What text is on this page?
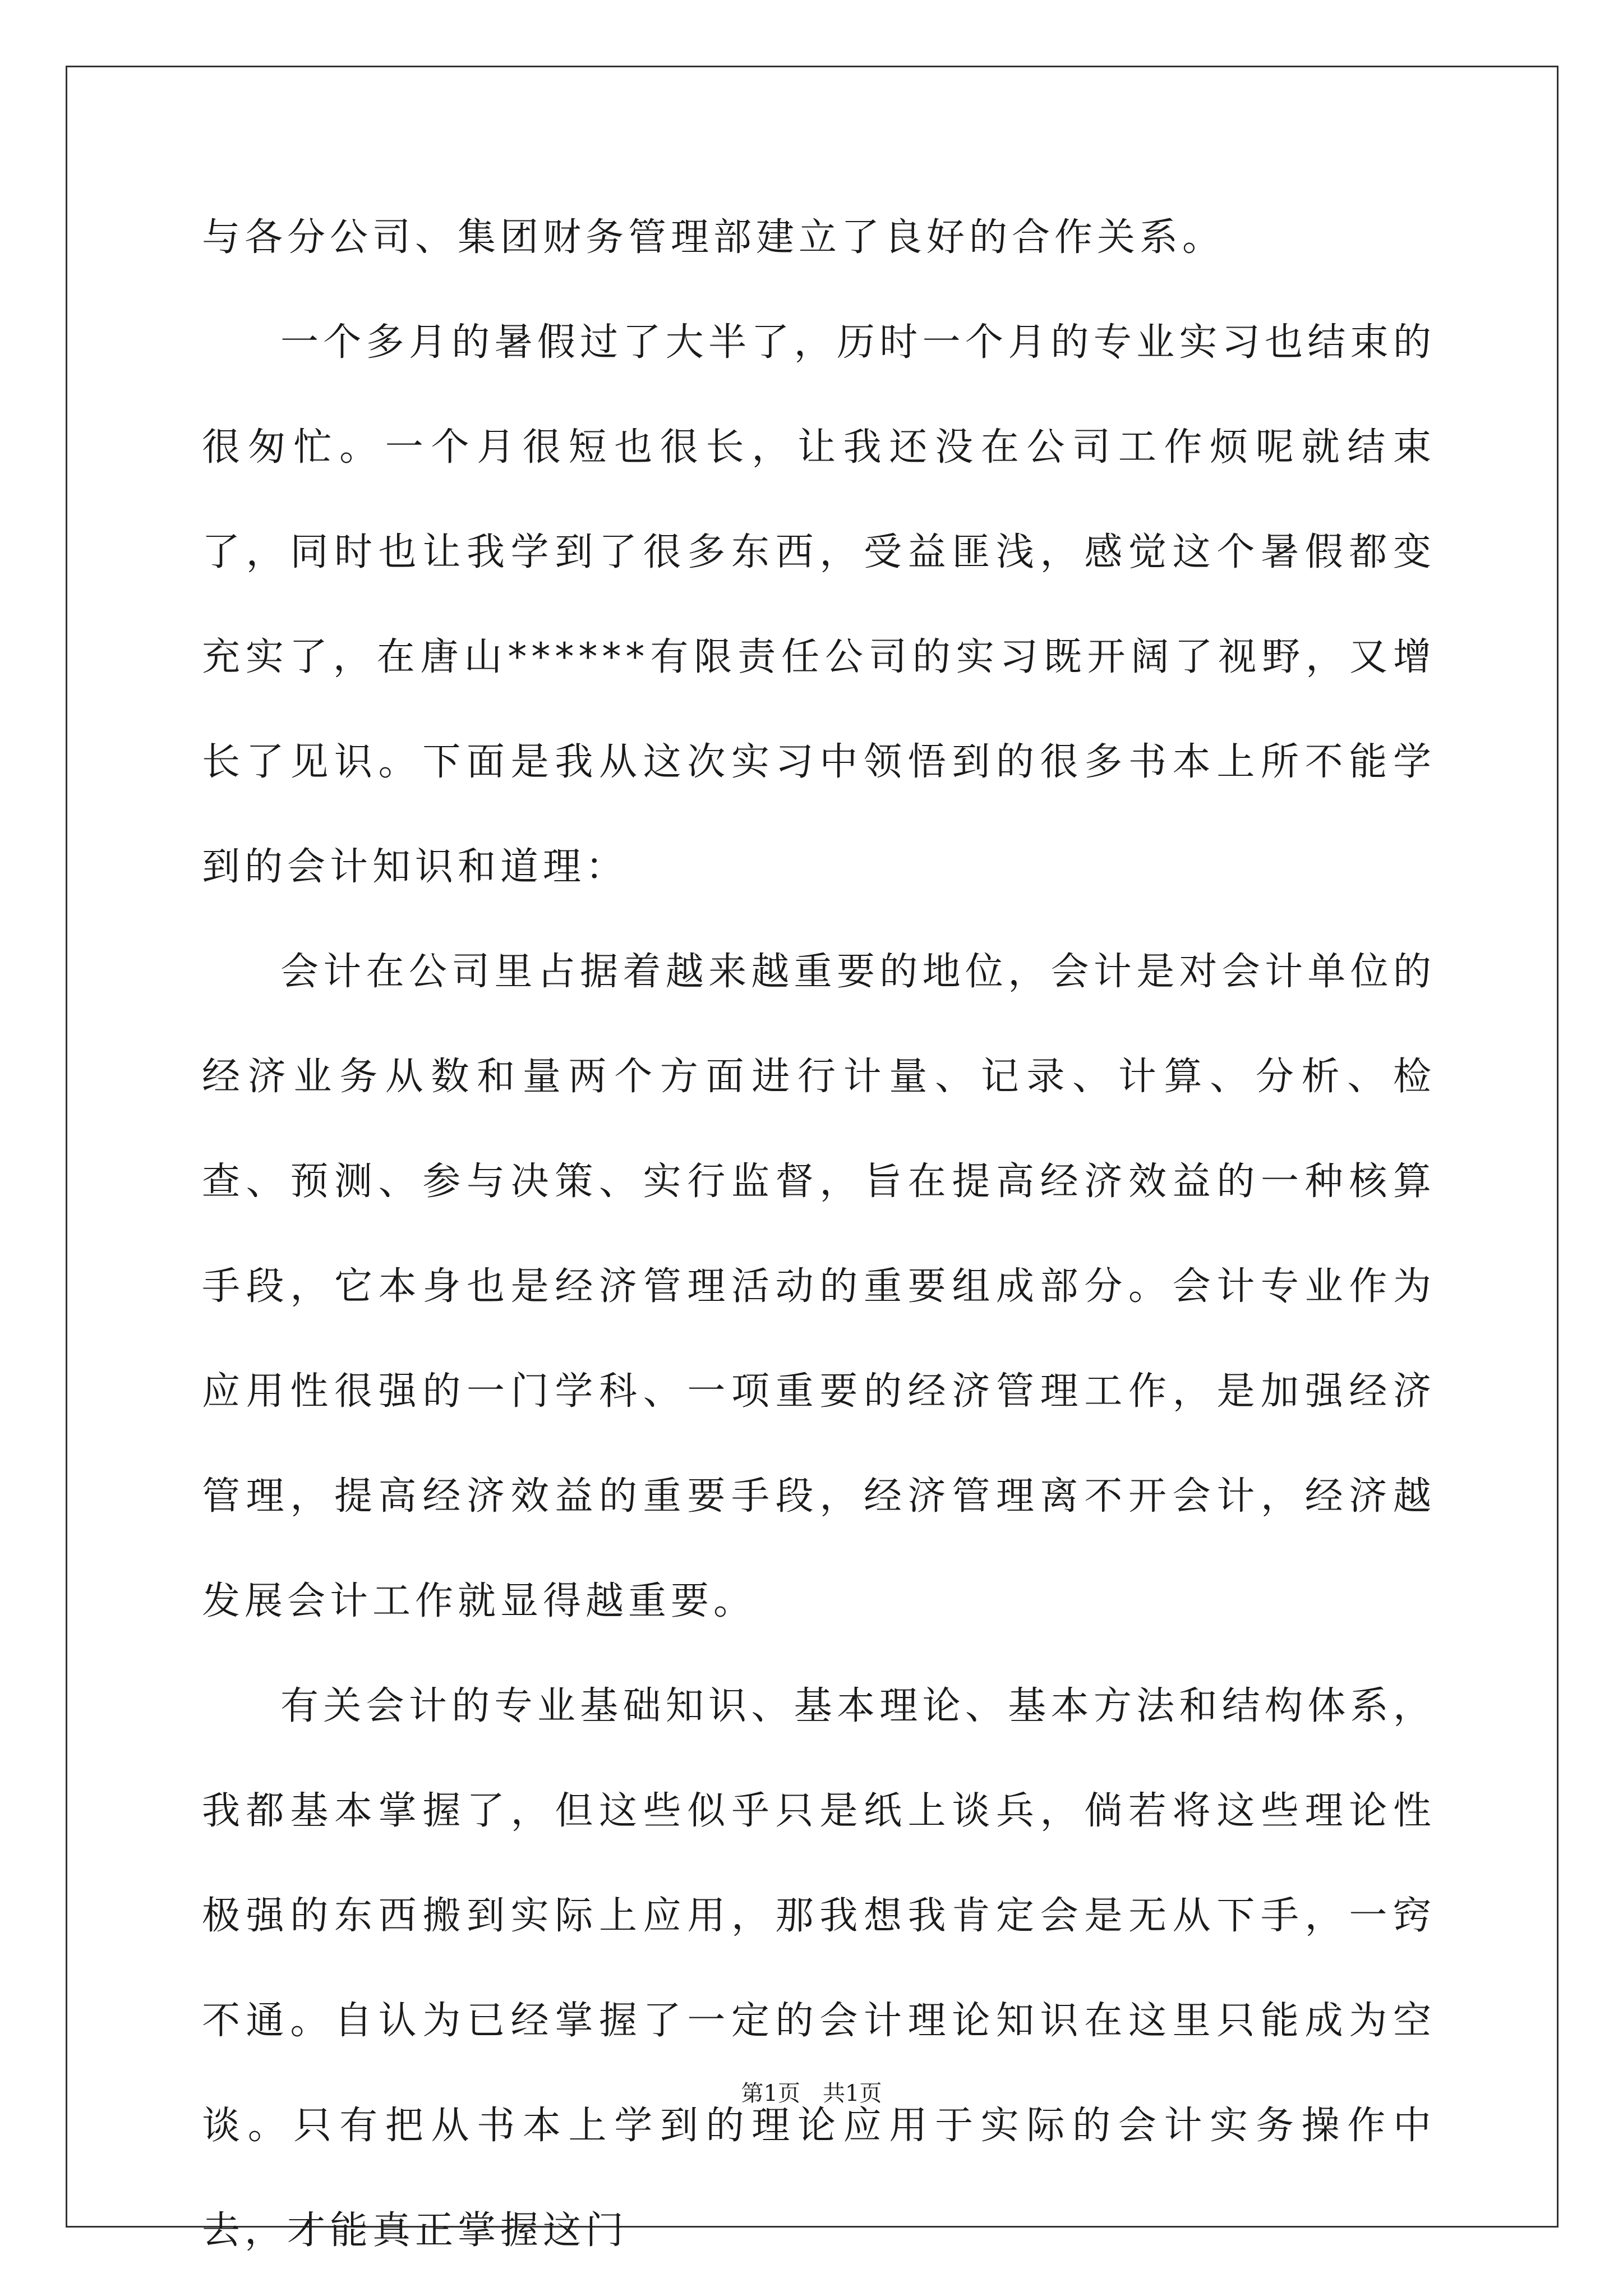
与各分公司、集团财务管理部建立了良好的合作关系。

一个多月的暑假过了大半了，历时一个月的专业实习也结束的很匆忙。一个月很短也很长，让我还没在公司工作烦呢就结束了，同时也让我学到了很多东西，受益匪浅，感觉这个暑假都变充实了，在唐山******有限责任公司的实习既开阔了视野，又增长了见识。下面是我从这次实习中领悟到的很多书本上所不能学到的会计知识和道理：

会计在公司里占据着越来越重要的地位，会计是对会计单位的经济业务从数和量两个方面进行计量、记录、计算、分析、检查、预测、参与决策、实行监督，旨在提高经济效益的一种核算手段，它本身也是经济管理活动的重要组成部分。会计专业作为应用性很强的一门学科、一项重要的经济管理工作，是加强经济管理，提高经济效益的重要手段，经济管理离不开会计，经济越发展会计工作就显得越重要。

有关会计的专业基础知识、基本理论、基本方法和结构体系，我都基本掌握了，但这些似乎只是纸上谈兵，倘若将这些理论性极强的东西搬到实际上应用，那我想我肯定会是无从下手，一窍不通。自认为已经掌握了一定的会计理论知识在这里只能成为空谈。只有把从书本上学到的理论应用于实际的会计实务操作中去，才能真正掌握这门

第1页 共1页
